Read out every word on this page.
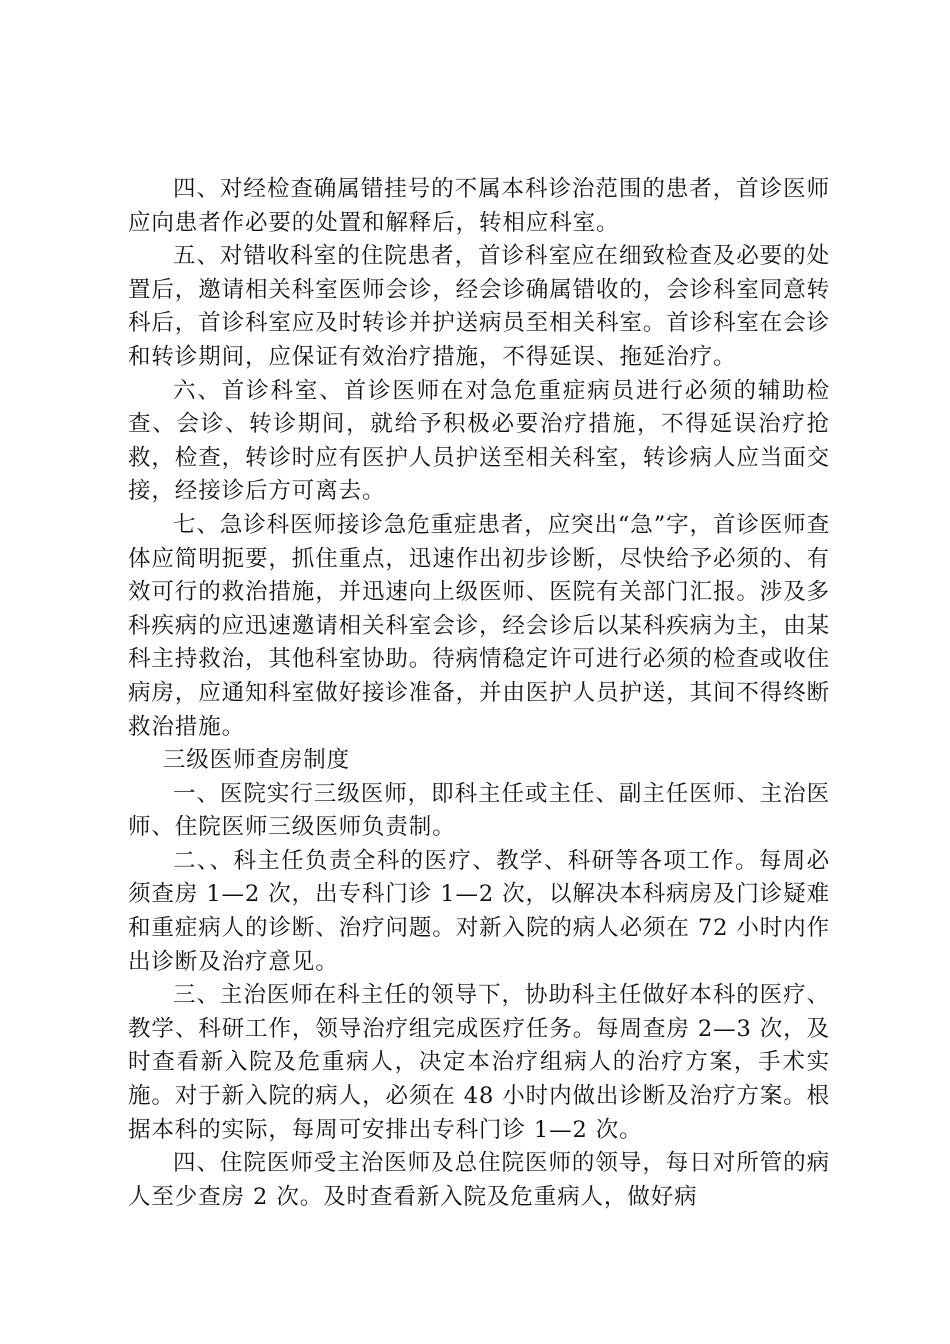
四、对经检查确属错挂号的不属本科诊治范围的患者，首诊医师应向患者作必要的处置和解释后，转相应科室。

五、对错收科室的住院患者，首诊科室应在细致检查及必要的处置后，邀请相关科室医师会诊，经会诊确属错收的，会诊科室同意转科后，首诊科室应及时转诊并护送病员至相关科室。首诊科室在会诊和转诊期间，应保证有效治疗措施，不得延误、拖延治疗。

六、首诊科室、首诊医师在对急危重症病员进行必须的辅助检查、会诊、转诊期间，就给予积极必要治疗措施，不得延误治疗抢救，检查，转诊时应有医护人员护送至相关科室，转诊病人应当面交接，经接诊后方可离去。

七、急诊科医师接诊急危重症患者，应突出“急”字，首诊医师查体应简明扼要，抓住重点，迅速作出初步诊断，尽快给予必须的、有效可行的救治措施，并迅速向上级医师、医院有关部门汇报。涉及多科疾病的应迅速邀请相关科室会诊，经会诊后以某科疾病为主，由某科主持救治，其他科室协助。待病情稳定许可进行必须的检查或收住病房，应通知科室做好接诊准备，并由医护人员护送，其间不得终断救治措施。

三级医师查房制度

一、医院实行三级医师，即科主任或主任、副主任医师、主治医师、住院医师三级医师负责制。

二、、科主任负责全科的医疗、教学、科研等各项工作。每周必须查房 1—2 次，出专科门诊 1—2 次，以解决本科病房及门诊疑难和重症病人的诊断、治疗问题。对新入院的病人必须在 72 小时内作出诊断及治疗意见。

三、主治医师在科主任的领导下，协助科主任做好本科的医疗、教学、科研工作，领导治疗组完成医疗任务。每周查房 2—3 次，及时查看新入院及危重病人，决定本治疗组病人的治疗方案，手术实施。对于新入院的病人，必须在 48 小时内做出诊断及治疗方案。根据本科的实际，每周可安排出专科门诊 1—2 次。

四、住院医师受主治医师及总住院医师的领导，每日对所管的病人至少查房 2 次。及时查看新入院及危重病人，做好病
